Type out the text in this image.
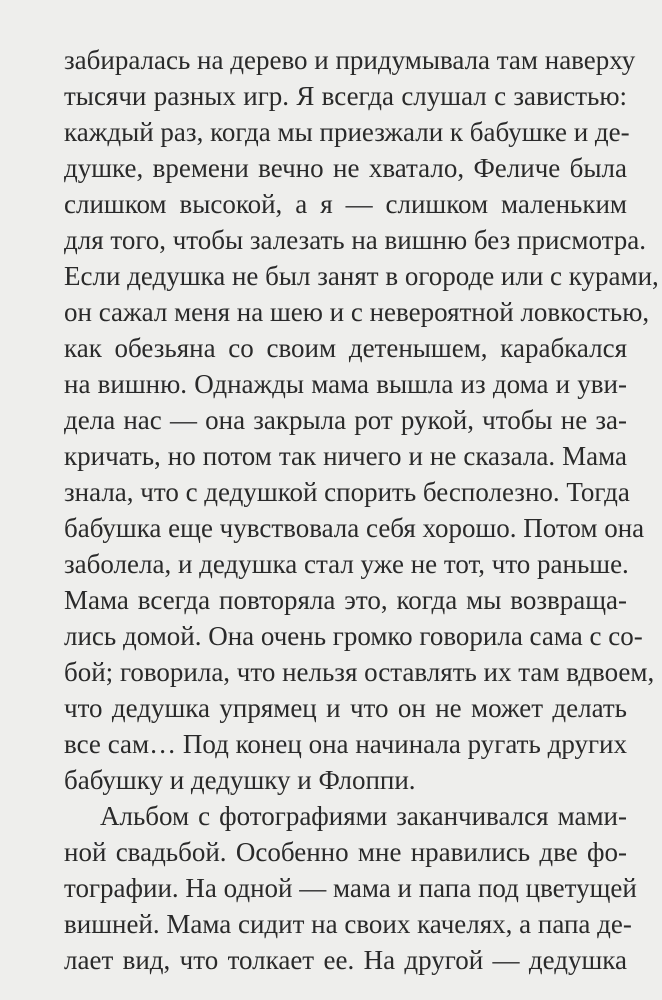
забиралась на дерево и придумывала там наверху
тысячи разных игр. Я всегда слушал с завистью:
каждый раз, когда мы приезжали к бабушке и де-
душке, времени вечно не хватало, Феличе была
слишком высокой, а я — слишком маленьким
для того, чтобы залезать на вишню без присмотра.
Если дедушка не был занят в огороде или с курами,
он сажал меня на шею и с невероятной ловкостью,
как обезьяна со своим детенышем, карабкался
на вишню. Однажды мама вышла из дома и уви-
дела нас — она закрыла рот рукой, чтобы не за-
кричать, но потом так ничего и не сказала. Мама
знала, что с дедушкой спорить бесполезно. Тогда
бабушка еще чувствовала себя хорошо. Потом она
заболела, и дедушка стал уже не тот, что раньше.
Мама всегда повторяла это, когда мы возвраща-
лись домой. Она очень громко говорила сама с со-
бой; говорила, что нельзя оставлять их там вдвоем,
что дедушка упрямец и что он не может делать
все сам… Под конец она начинала ругать других
бабушку и дедушку и Флоппи.
Альбом с фотографиями заканчивался мами-
ной свадьбой. Особенно мне нравились две фо-
тографии. На одной — мама и папа под цветущей
вишней. Мама сидит на своих качелях, а папа де-
лает вид, что толкает ее. На другой — дедушка
